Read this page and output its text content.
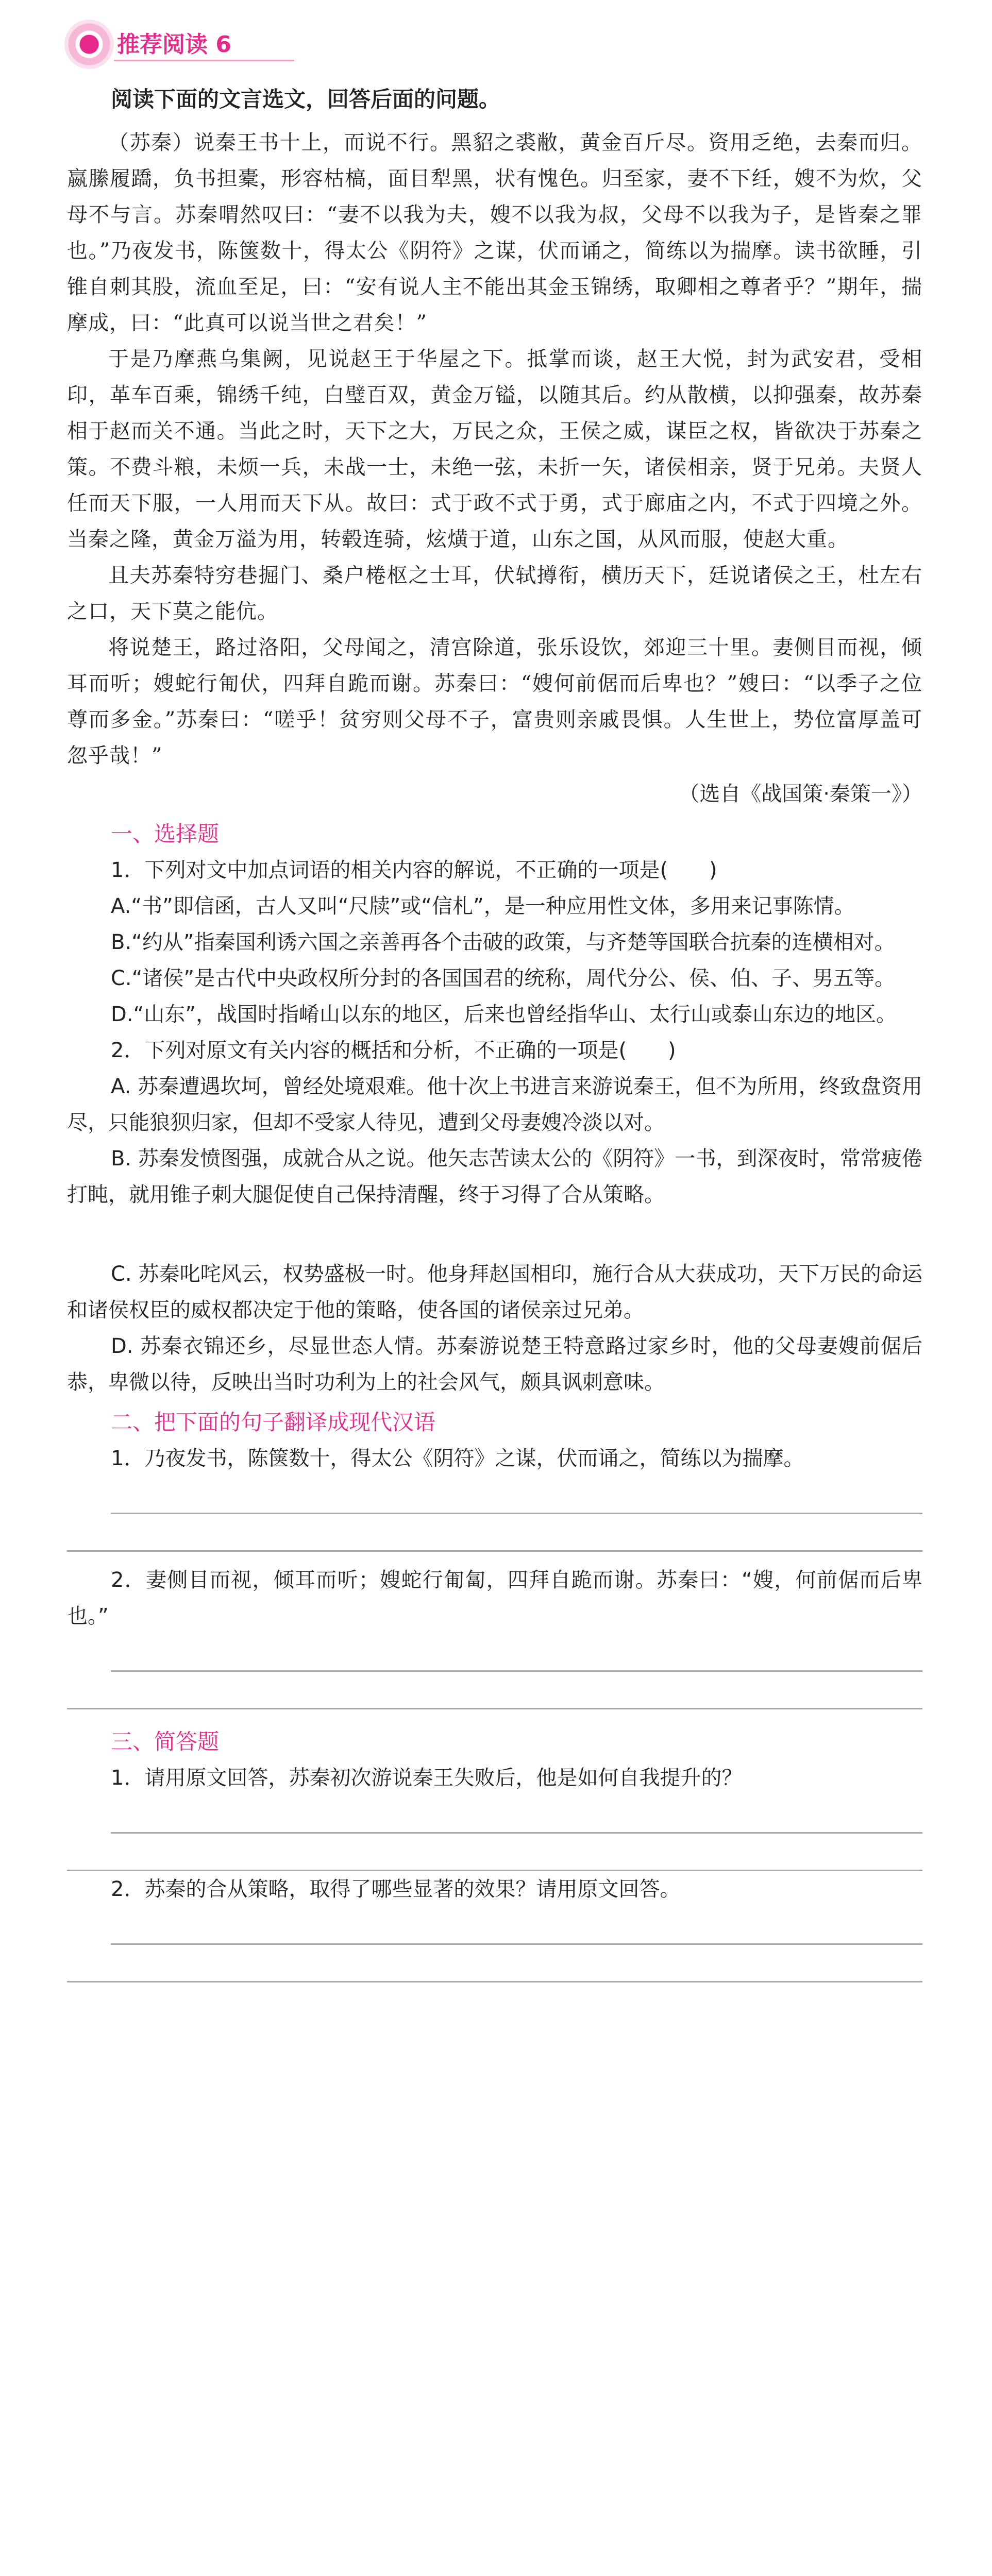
推荐阅读 6
阅读下面的文言选文，回答后面的问题。

（苏秦）说秦王书十上，而说不行。黑貂之裘敝，黄金百斤尽。资用乏绝，去秦而归。嬴縢履蹻，负书担橐，形容枯槁，面目犁黑，状有愧色。归至家，妻不下纴，嫂不为炊，父母不与言。苏秦喟然叹曰：“妻不以我为夫，嫂不以我为叔，父母不以我为子，是皆秦之罪也。”乃夜发书，陈箧数十，得太公《阴符》之谋，伏而诵之，简练以为揣摩。读书欲睡，引锥自刺其股，流血至足，曰：“安有说人主不能出其金玉锦绣，取卿相之尊者乎？”期年，揣摩成，曰：“此真可以说当世之君矣！”

于是乃摩燕乌集阙，见说赵王于华屋之下。抵掌而谈，赵王大悦，封为武安君，受相印，革车百乘，锦绣千纯，白璧百双，黄金万镒，以随其后。约从散横，以抑强秦，故苏秦相于赵而关不通。当此之时，天下之大，万民之众，王侯之威，谋臣之权，皆欲决于苏秦之策。不费斗粮，未烦一兵，未战一士，未绝一弦，未折一矢，诸侯相亲，贤于兄弟。夫贤人任而天下服，一人用而天下从。故曰：式于政不式于勇，式于廊庙之内，不式于四境之外。当秦之隆，黄金万溢为用，转毂连骑，炫熿于道，山东之国，从风而服，使赵大重。

且夫苏秦特穷巷掘门、桑户棬枢之士耳，伏轼撙衔，横历天下，廷说诸侯之王，杜左右之口，天下莫之能伉。

将说楚王，路过洛阳，父母闻之，清宫除道，张乐设饮，郊迎三十里。妻侧目而视，倾耳而听；嫂蛇行匍伏，四拜自跪而谢。苏秦曰：“嫂何前倨而后卑也？”嫂曰：“以季子之位尊而多金。”苏秦曰：“嗟乎！贫穷则父母不子，富贵则亲戚畏惧。人生世上，势位富厚盖可忽乎哉！”

（选自《战国策·秦策一》）
一、选择题

1．下列对文中加点词语的相关内容的解说，不正确的一项是(　　)

A.“书”即信函，古人又叫“尺牍”或“信札”，是一种应用性文体，多用来记事陈情。

B.“约从”指秦国利诱六国之亲善再各个击破的政策，与齐楚等国联合抗秦的连横相对。

C.“诸侯”是古代中央政权所分封的各国国君的统称，周代分公、侯、伯、子、男五等。

D.“山东”，战国时指崤山以东的地区，后来也曾经指华山、太行山或泰山东边的地区。

2．下列对原文有关内容的概括和分析，不正确的一项是(　　)

A. 苏秦遭遇坎坷，曾经处境艰难。他十次上书进言来游说秦王，但不为所用，终致盘资用尽，只能狼狈归家，但却不受家人待见，遭到父母妻嫂冷淡以对。

B. 苏秦发愤图强，成就合从之说。他矢志苦读太公的《阴符》一书，到深夜时，常常疲倦打盹，就用锥子刺大腿促使自己保持清醒，终于习得了合从策略。

C. 苏秦叱咤风云，权势盛极一时。他身拜赵国相印，施行合从大获成功，天下万民的命运和诸侯权臣的威权都决定于他的策略，使各国的诸侯亲过兄弟。

D. 苏秦衣锦还乡，尽显世态人情。苏秦游说楚王特意路过家乡时，他的父母妻嫂前倨后恭，卑微以待，反映出当时功利为上的社会风气，颇具讽刺意味。

二、把下面的句子翻译成现代汉语

1．乃夜发书，陈箧数十，得太公《阴符》之谋，伏而诵之，简练以为揣摩。

2．妻侧目而视，倾耳而听；嫂蛇行匍匐，四拜自跪而谢。苏秦曰：“嫂，何前倨而后卑也。”

三、简答题

1．请用原文回答，苏秦初次游说秦王失败后，他是如何自我提升的？

2．苏秦的合从策略，取得了哪些显著的效果？请用原文回答。
